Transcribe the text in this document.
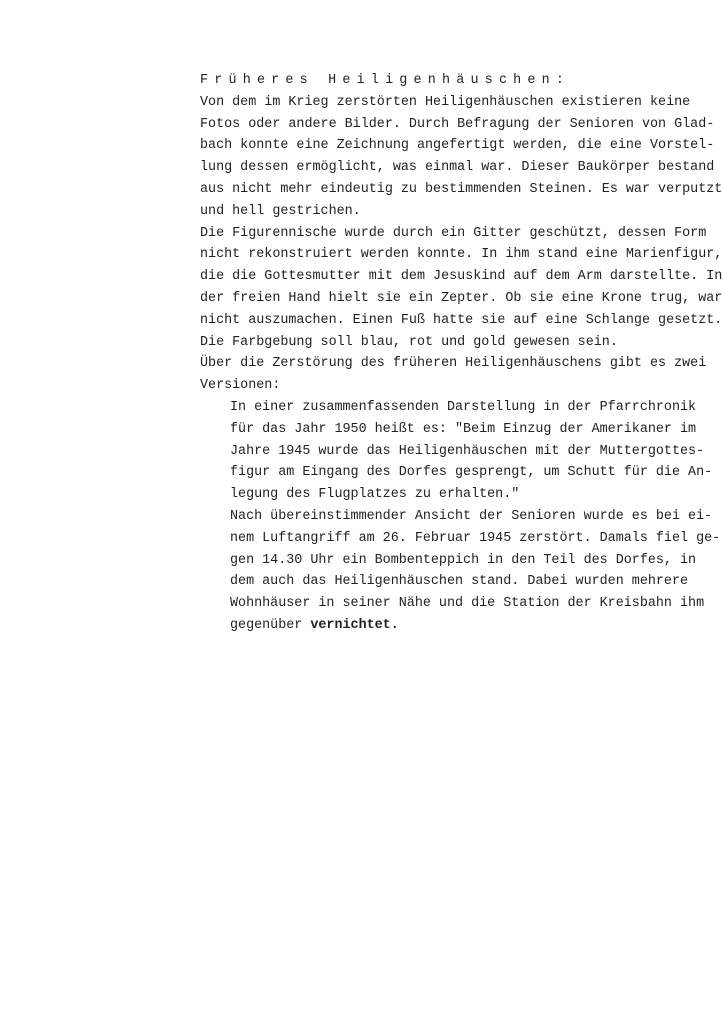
Früheres Heiligenhäuschen:
Von dem im Krieg zerstörten Heiligenhäuschen existieren keine
Fotos oder andere Bilder. Durch Befragung der Senioren von Glad-
bach konnte eine Zeichnung angefertigt werden, die eine Vorstel-
lung dessen ermöglicht, was einmal war. Dieser Baukörper bestand
aus nicht mehr eindeutig zu bestimmenden Steinen. Es war verputzt
und hell gestrichen.
Die Figurennische wurde durch ein Gitter geschützt, dessen Form
nicht rekonstruiert werden konnte. In ihm stand eine Marienfigur,
die die Gottesmutter mit dem Jesuskind auf dem Arm darstellte. In
der freien Hand hielt sie ein Zepter. Ob sie eine Krone trug, war
nicht auszumachen. Einen Fuß hatte sie auf eine Schlange gesetzt.
Die Farbgebung soll blau, rot und gold gewesen sein.
Über die Zerstörung des früheren Heiligenhäuschens gibt es zwei
Versionen:
In einer zusammenfassenden Darstellung in der Pfarrchronik
für das Jahr 1950 heißt es: "Beim Einzug der Amerikaner im
Jahre 1945 wurde das Heiligenhäuschen mit der Muttergottes-
figur am Eingang des Dorfes gesprengt, um Schutt für die An-
legung des Flugplatzes zu erhalten."
Nach übereinstimmender Ansicht der Senioren wurde es bei ei-
nem Luftangriff am 26. Februar 1945 zerstört. Damals fiel ge-
gen 14.30 Uhr ein Bombenteppich in den Teil des Dorfes, in
dem auch das Heiligenhäuschen stand. Dabei wurden mehrere
Wohnhäuser in seiner Nähe und die Station der Kreisbahn ihm
gegenüber vernichtet.
